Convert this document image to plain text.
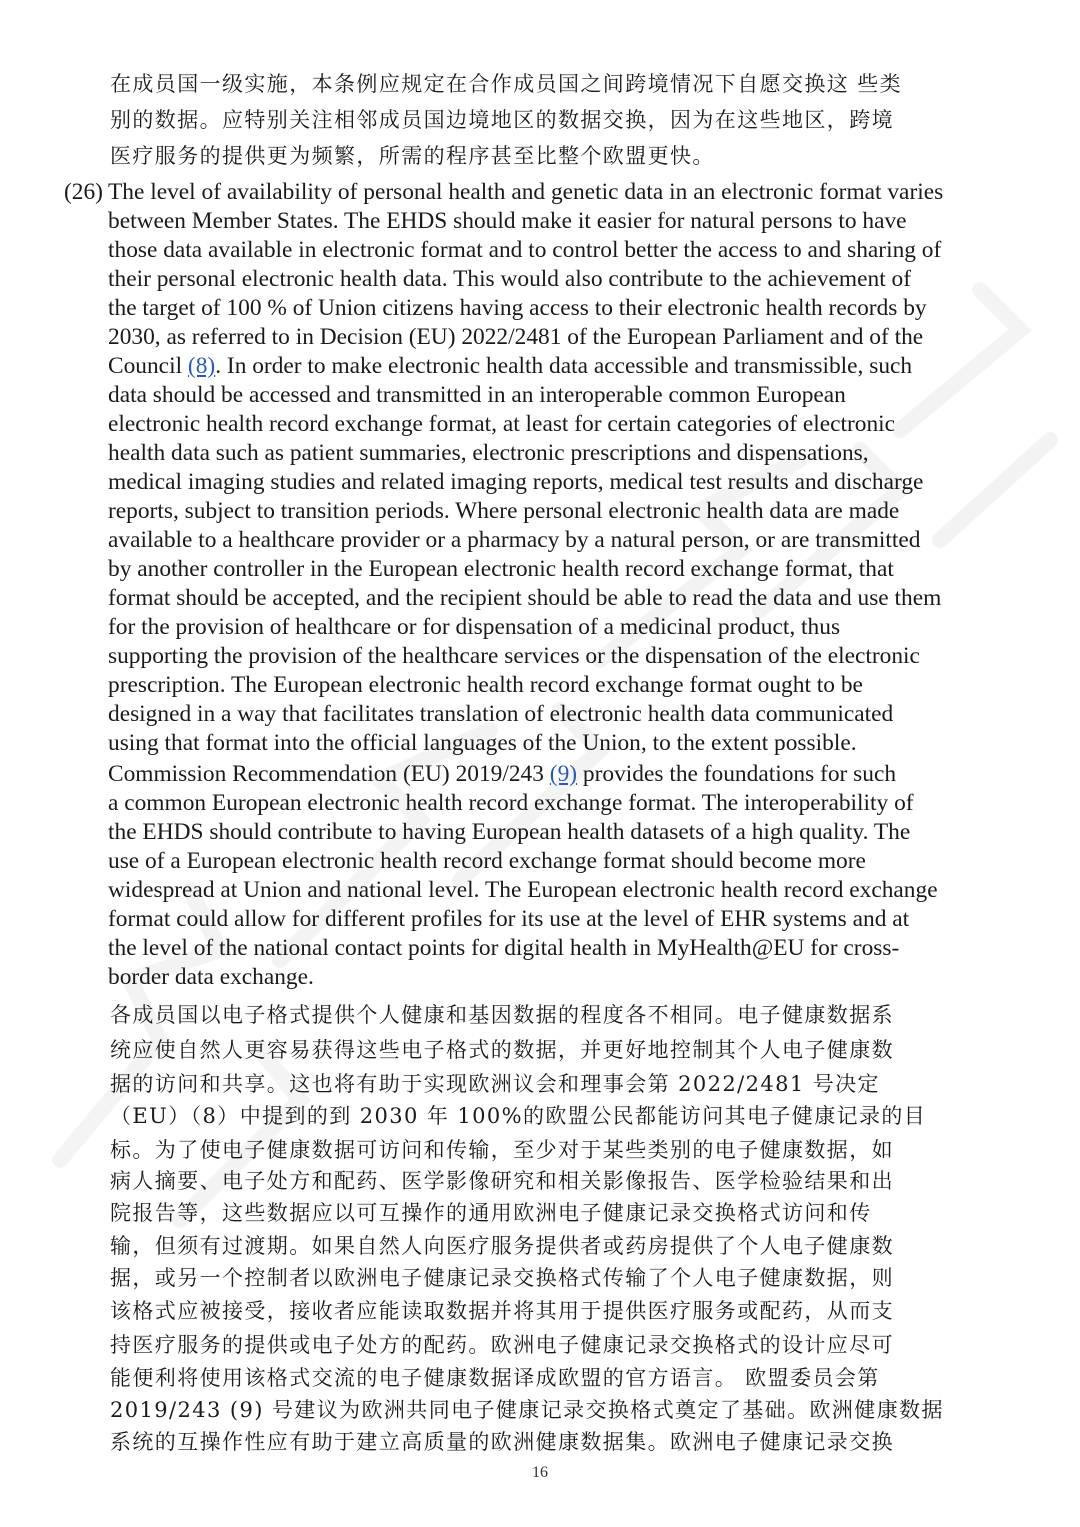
在成员国一级实施，本条例应规定在合作成员国之间跨境情况下自愿交换这 些类
别的数据。应特别关注相邻成员国边境地区的数据交换，因为在这些地区，跨境
医疗服务的提供更为频繁，所需的程序甚至比整个欧盟更快。
(26) The level of availability of personal health and genetic data in an electronic format varies
between Member States. The EHDS should make it easier for natural persons to have
those data available in electronic format and to control better the access to and sharing of
their personal electronic health data. This would also contribute to the achievement of
the target of 100 % of Union citizens having access to their electronic health records by
2030, as referred to in Decision (EU) 2022/2481 of the European Parliament and of the
Council (8). In order to make electronic health data accessible and transmissible, such
data should be accessed and transmitted in an interoperable common European
electronic health record exchange format, at least for certain categories of electronic
health data such as patient summaries, electronic prescriptions and dispensations,
medical imaging studies and related imaging reports, medical test results and discharge
reports, subject to transition periods. Where personal electronic health data are made
available to a healthcare provider or a pharmacy by a natural person, or are transmitted
by another controller in the European electronic health record exchange format, that
format should be accepted, and the recipient should be able to read the data and use them
for the provision of healthcare or for dispensation of a medicinal product, thus
supporting the provision of the healthcare services or the dispensation of the electronic
prescription. The European electronic health record exchange format ought to be
designed in a way that facilitates translation of electronic health data communicated
using that format into the official languages of the Union, to the extent possible.
Commission Recommendation (EU) 2019/243 (9) provides the foundations for such
a common European electronic health record exchange format. The interoperability of
the EHDS should contribute to having European health datasets of a high quality. The
use of a European electronic health record exchange format should become more
widespread at Union and national level. The European electronic health record exchange
format could allow for different profiles for its use at the level of EHR systems and at
the level of the national contact points for digital health in MyHealth@EU for cross-
border data exchange.
各成员国以电子格式提供个人健康和基因数据的程度各不相同。电子健康数据系
统应使自然人更容易获得这些电子格式的数据，并更好地控制其个人电子健康数
据的访问和共享。这也将有助于实现欧洲议会和理事会第 2022/2481 号决定
（EU）（8）中提到的到 2030 年 100%的欧盟公民都能访问其电子健康记录的目
标。为了使电子健康数据可访问和传输，至少对于某些类别的电子健康数据，如
病人摘要、电子处方和配药、医学影像研究和相关影像报告、医学检验结果和出
院报告等，这些数据应以可互操作的通用欧洲电子健康记录交换格式访问和传
输，但须有过渡期。如果自然人向医疗服务提供者或药房提供了个人电子健康数
据，或另一个控制者以欧洲电子健康记录交换格式传输了个人电子健康数据，则
该格式应被接受，接收者应能读取数据并将其用于提供医疗服务或配药，从而支
持医疗服务的提供或电子处方的配药。欧洲电子健康记录交换格式的设计应尽可
能便利将使用该格式交流的电子健康数据译成欧盟的官方语言。 欧盟委员会第
2019/243 (9) 号建议为欧洲共同电子健康记录交换格式奠定了基础。欧洲健康数据
系统的互操作性应有助于建立高质量的欧洲健康数据集。欧洲电子健康记录交换
16
